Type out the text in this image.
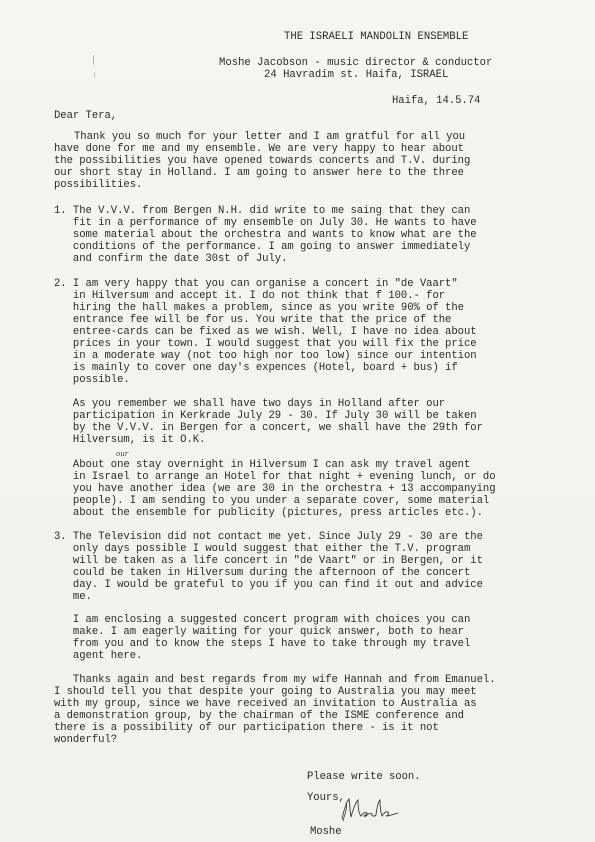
THE ISRAELI MANDOLIN ENSEMBLE
Moshe Jacobson - music director & conductor
24 Havradim st. Haifa, ISRAEL
Haifa, 14.5.74
Dear Tera,
Thank you so much for your letter and I am gratful for all you
have done for me and my ensemble. We are very happy to hear about
the possibilities you have opened towards concerts and T.V. during
our short stay in Holland. I am going to answer here to the three
possibilities.
1. The V.V.V. from Bergen N.H. did write to me saing that they can
fit in a performance of my ensemble on July 30. He wants to have
some material about the orchestra and wants to know what are the
conditions of the performance. I am going to answer immediately
and confirm the date 30st of July.
2. I am very happy that you can organise a concert in "de Vaart"
in Hilversum and accept it. I do not think that f 100.- for
hiring the hall makes a problem, since as you write 90% of the
entrance fee will be for us. You write that the price of the
entree-cards can be fixed as we wish. Well, I have no idea about
prices in your town. I would suggest that you will fix the price
in a moderate way (not too high nor too low) since our intention
is mainly to cover one day's expences (Hotel, board + bus) if
possible.
As you remember we shall have two days in Holland after our
participation in Kerkrade July 29 - 30. If July 30 will be taken
by the V.V.V. in Bergen for a concert, we shall have the 29th for
Hilversum, is it O.K.
our
About one stay overnight in Hilversum I can ask my travel agent
in Israel to arrange an Hotel for that night + evening lunch, or do
you have another idea (we are 30 in the orchestra + 13 accompanying
people). I am sending to you under a separate cover, some material
about the ensemble for publicity (pictures, press articles etc.).
3. The Television did not contact me yet. Since July 29 - 30 are the
only days possible I would suggest that either the T.V. program
will be taken as a life concert in "de Vaart" or in Bergen, or it
could be taken in Hilversum during the afternoon of the concert
day. I would be grateful to you if you can find it out and advice
me.
I am enclosing a suggested concert program with choices you can
make. I am eagerly waiting for your quick answer, both to hear
from you and to know the steps I have to take through my travel
agent here.
Thanks again and best regards from my wife Hannah and from Emanuel.
I should tell you that despite your going to Australia you may meet
with my group, since we have received an invitation to Australia as
a demonstration group, by the chairman of the ISME conference and
there is a possibility of our participation there - is it not
wonderful?
Please write soon.
Yours,
Moshe
